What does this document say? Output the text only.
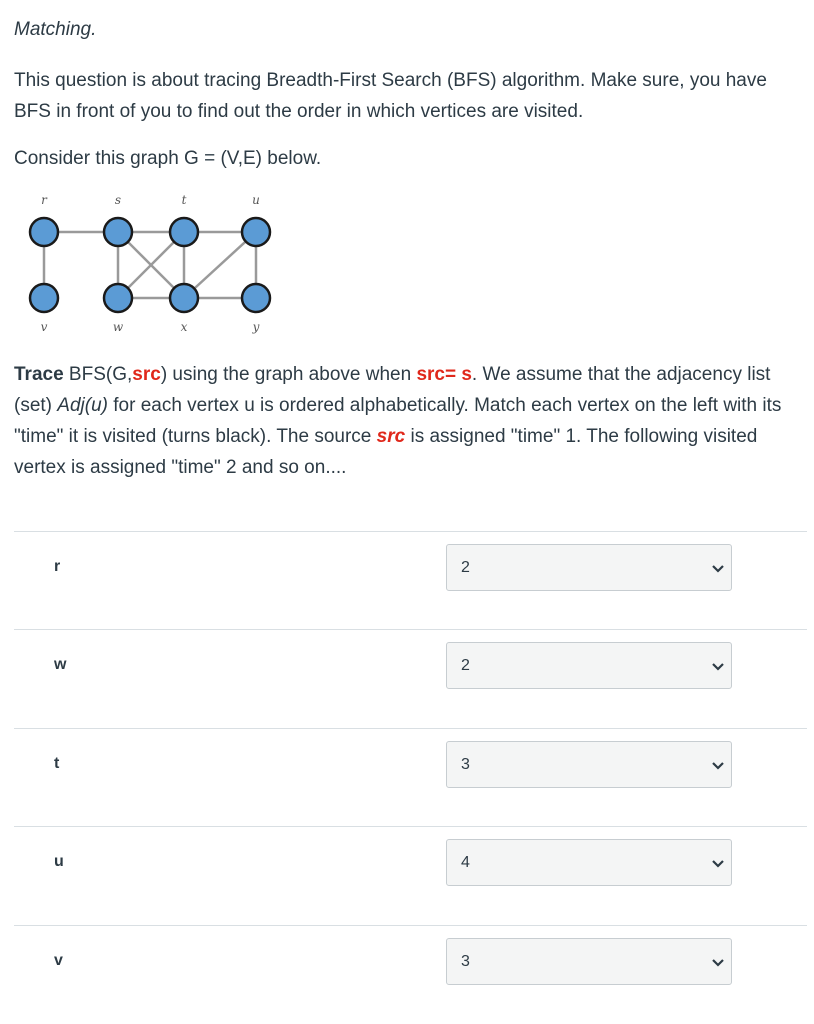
Matching.
This question is about tracing Breadth-First Search (BFS) algorithm. Make sure, you have BFS in front of you to find out the order in which vertices are visited.
Consider this graph G = (V,E) below.
r	s	t	u
v	w	x	y
Trace BFS(G,src) using the graph above when src= s. We assume that the adjacency list (set) Adj(u) for each vertex u is ordered alphabetically. Match each vertex on the left with its "time" it is visited (turns black). The source src is assigned "time" 1. The following visited vertex is assigned "time" 2 and so on....
r	2
w	2
t	3
u	4
v	3
